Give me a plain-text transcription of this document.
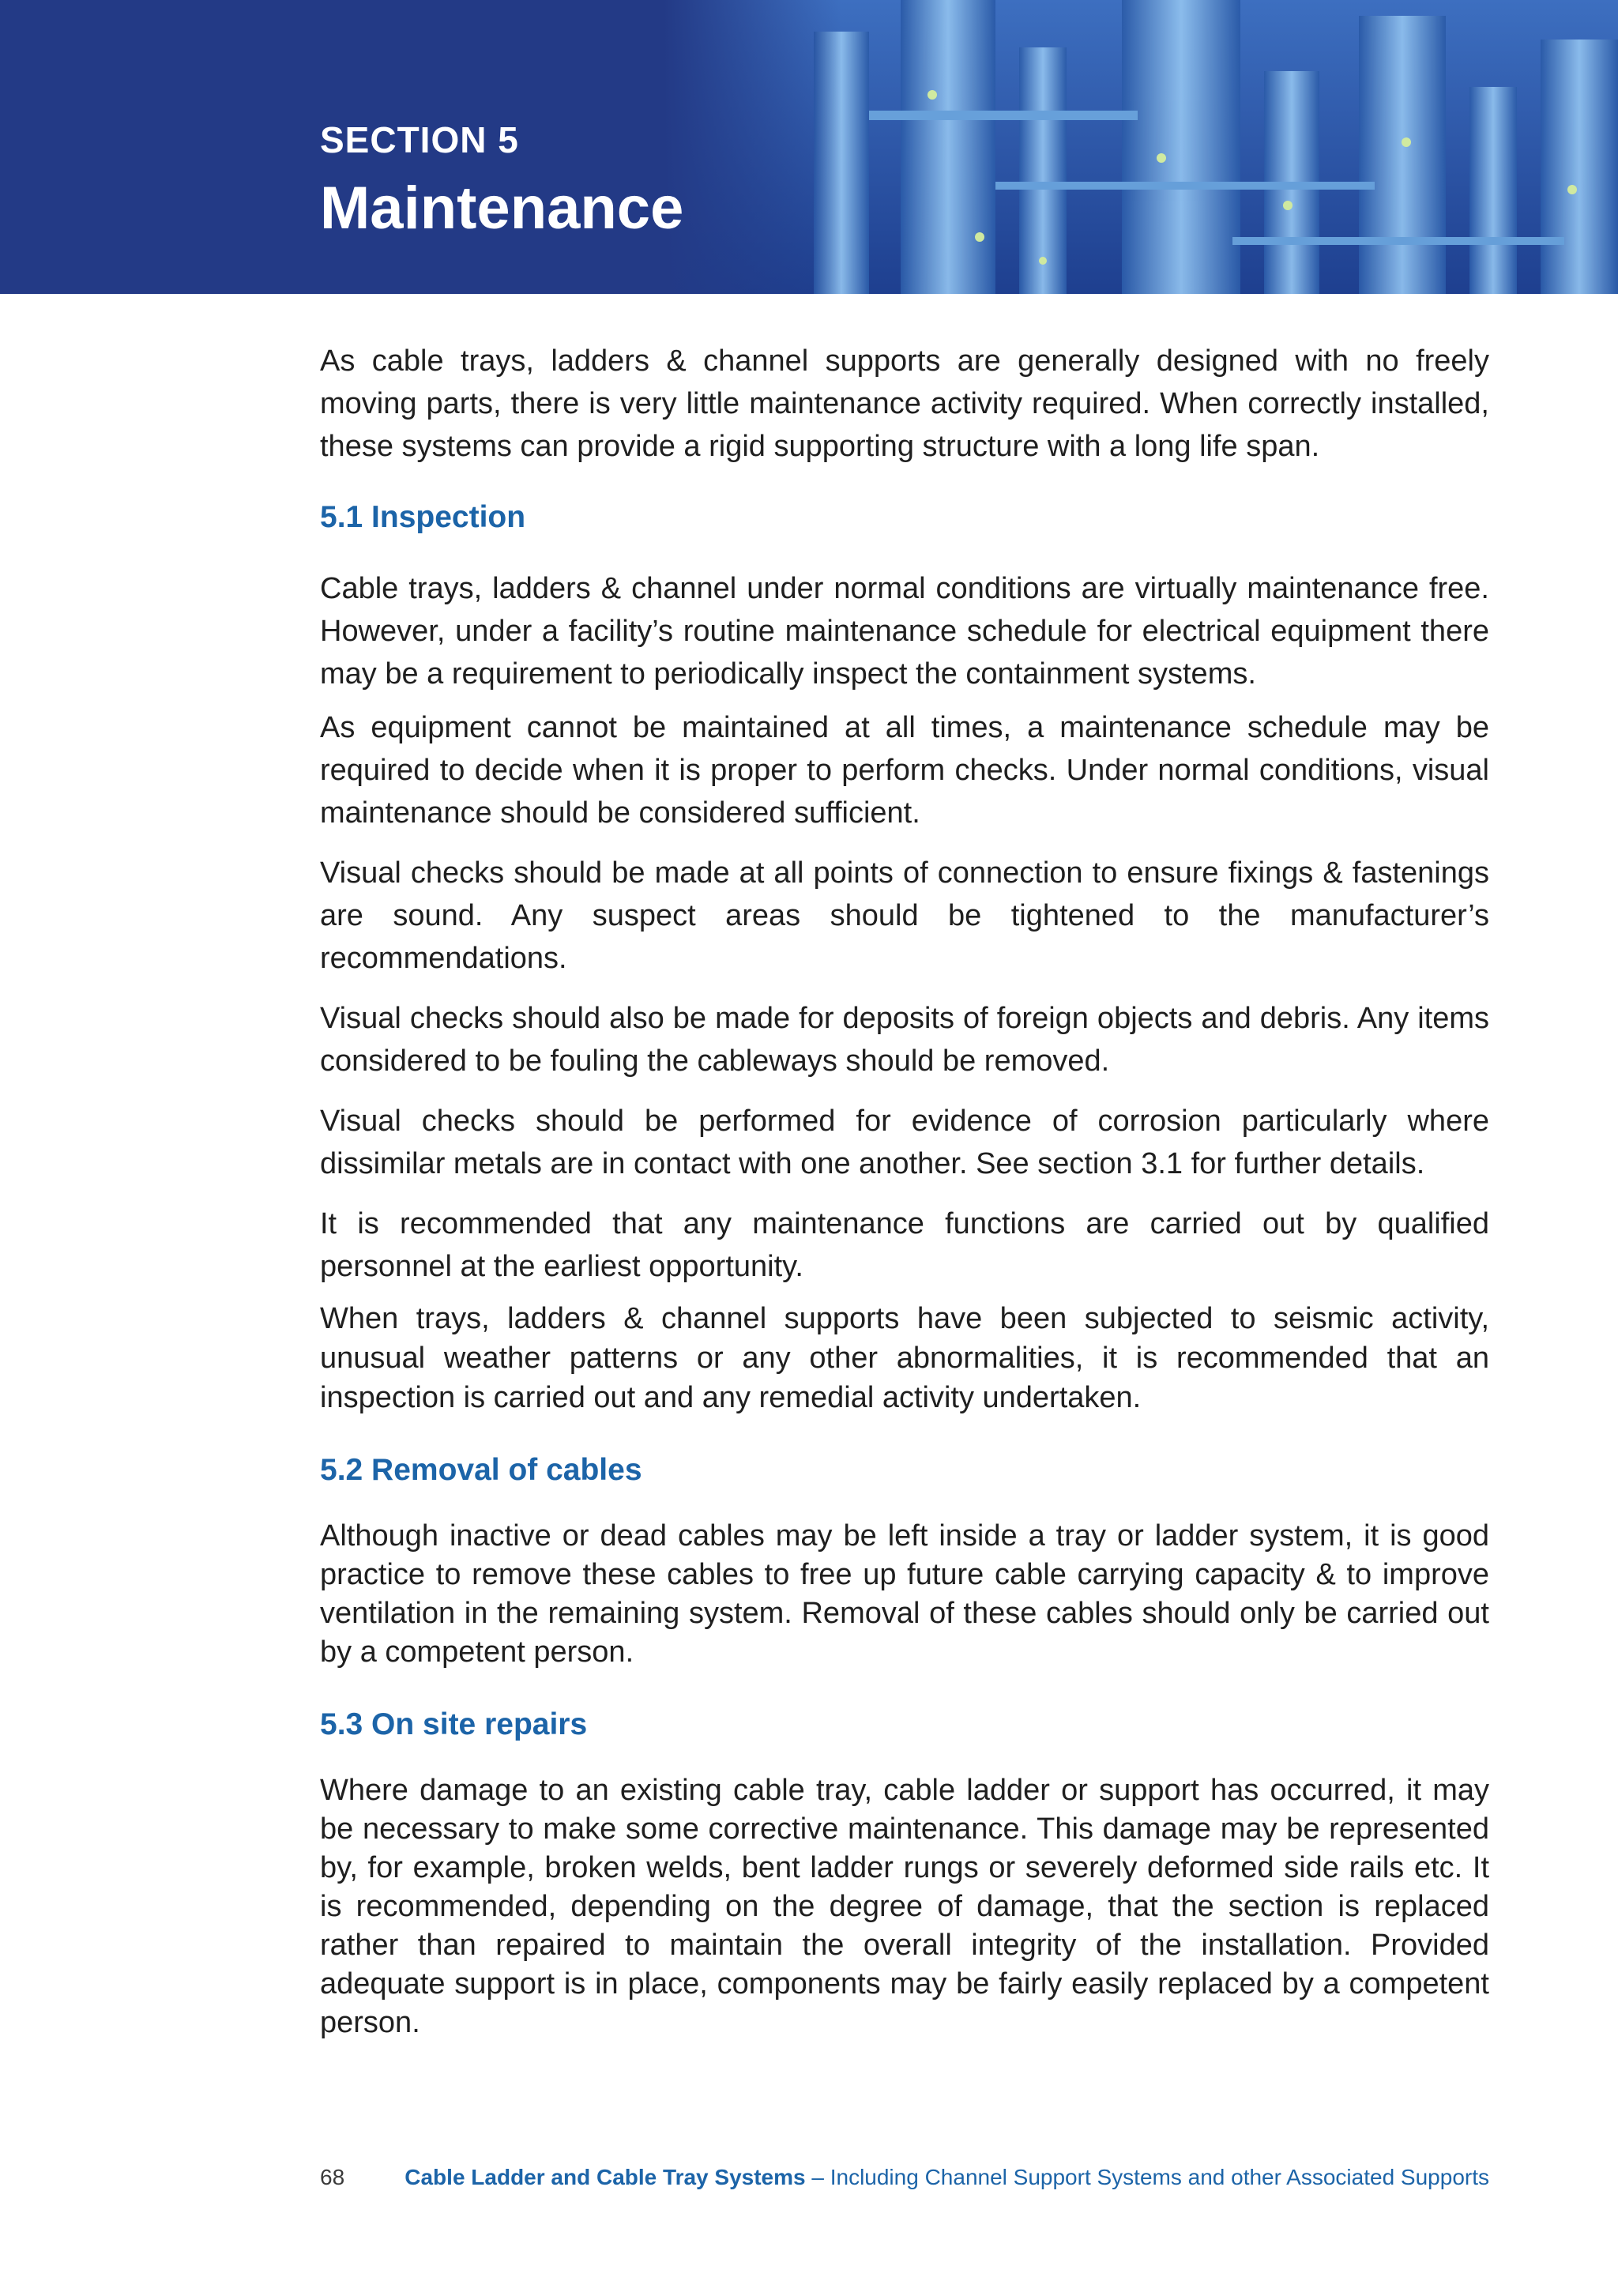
SECTION 5
Maintenance

As cable trays, ladders & channel supports are generally designed with no freely moving parts, there is very little maintenance activity required. When correctly installed, these systems can provide a rigid supporting structure with a long life span.

5.1 Inspection

Cable trays, ladders & channel under normal conditions are virtually maintenance free. However, under a facility’s routine maintenance schedule for electrical equipment there may be a requirement to periodically inspect the containment systems.

As equipment cannot be maintained at all times, a maintenance schedule may be required to decide when it is proper to perform checks. Under normal conditions, visual maintenance should be considered sufficient.

Visual checks should be made at all points of connection to ensure fixings & fastenings are sound. Any suspect areas should be tightened to the manufacturer’s recommendations.

Visual checks should also be made for deposits of foreign objects and debris. Any items considered to be fouling the cableways should be removed.

Visual checks should be performed for evidence of corrosion particularly where dissimilar metals are in contact with one another. See section 3.1 for further details.

It is recommended that any maintenance functions are carried out by qualified personnel at the earliest opportunity.

When trays, ladders & channel supports have been subjected to seismic activity, unusual weather patterns or any other abnormalities, it is recommended that an inspection is carried out and any remedial activity undertaken.

5.2 Removal of cables

Although inactive or dead cables may be left inside a tray or ladder system, it is good practice to remove these cables to free up future cable carrying capacity & to improve ventilation in the remaining system. Removal of these cables should only be carried out by a competent person.

5.3 On site repairs

Where damage to an existing cable tray, cable ladder or support has occurred, it may be necessary to make some corrective maintenance. This damage may be represented by, for example, broken welds, bent ladder rungs or severely deformed side rails etc. It is recommended, depending on the degree of damage, that the section is replaced rather than repaired to maintain the overall integrity of the installation. Provided adequate support is in place, components may be fairly easily replaced by a competent person.

68	Cable Ladder and Cable Tray Systems – Including Channel Support Systems and other Associated Supports
